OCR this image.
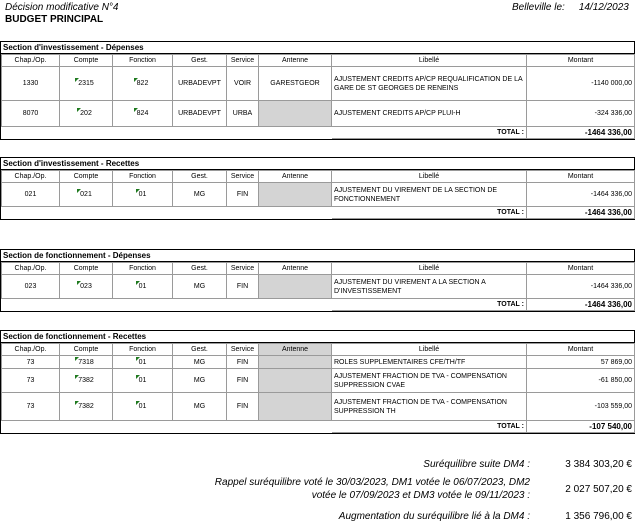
Décision modificative N°4
BUDGET PRINCIPAL
Belleville le: 14/12/2023
Section d'investissement - Dépenses
Chap./Op.	Compte	Fonction	Gest.	Service	Antenne	Libellé	Montant
1330	2315	822	URBADEVPT	VOIR	GARESTGEOR	AJUSTEMENT CREDITS AP/CP REQUALIFICATION DE LA GARE DE ST GEORGES DE RENEINS	-1140 000,00
8070	202	824	URBADEVPT	URBA		AJUSTEMENT CREDITS AP/CP PLUI-H	-324 336,00
						TOTAL :	-1464 336,00
Section d'investissement - Recettes
Chap./Op.	Compte	Fonction	Gest.	Service	Antenne	Libellé	Montant
021	021	01	MG	FIN		AJUSTEMENT DU VIREMENT DE LA SECTION DE FONCTIONNEMENT	-1464 336,00
						TOTAL :	-1464 336,00
Section de fonctionnement - Dépenses
Chap./Op.	Compte	Fonction	Gest.	Service	Antenne	Libellé	Montant
023	023	01	MG	FIN		AJUSTEMENT DU VIREMENT A LA SECTION A D'INVESTISSEMENT	-1464 336,00
						TOTAL :	-1464 336,00
Section de fonctionnement - Recettes
Chap./Op.	Compte	Fonction	Gest.	Service	Antenne	Libellé	Montant
73	7318	01	MG	FIN		ROLES SUPPLEMENTAIRES CFE/TH/TF	57 869,00
73	7382	01	MG	FIN		AJUSTEMENT FRACTION DE TVA - COMPENSATION SUPPRESSION CVAE	-61 850,00
73	7382	01	MG	FIN		AJUSTEMENT FRACTION DE TVA - COMPENSATION SUPPRESSION TH	-103 559,00
						TOTAL :	-107 540,00
Suréquilibre suite DM4 :	3 384 303,20 €
Rappel suréquilibre voté le 30/03/2023, DM1 votée le 06/07/2023, DM2
votée le 07/09/2023 et DM3 votée le 09/11/2023 :
2 027 507,20 €
Augmentation du suréquilibre lié à la DM4 :	1 356 796,00 €
